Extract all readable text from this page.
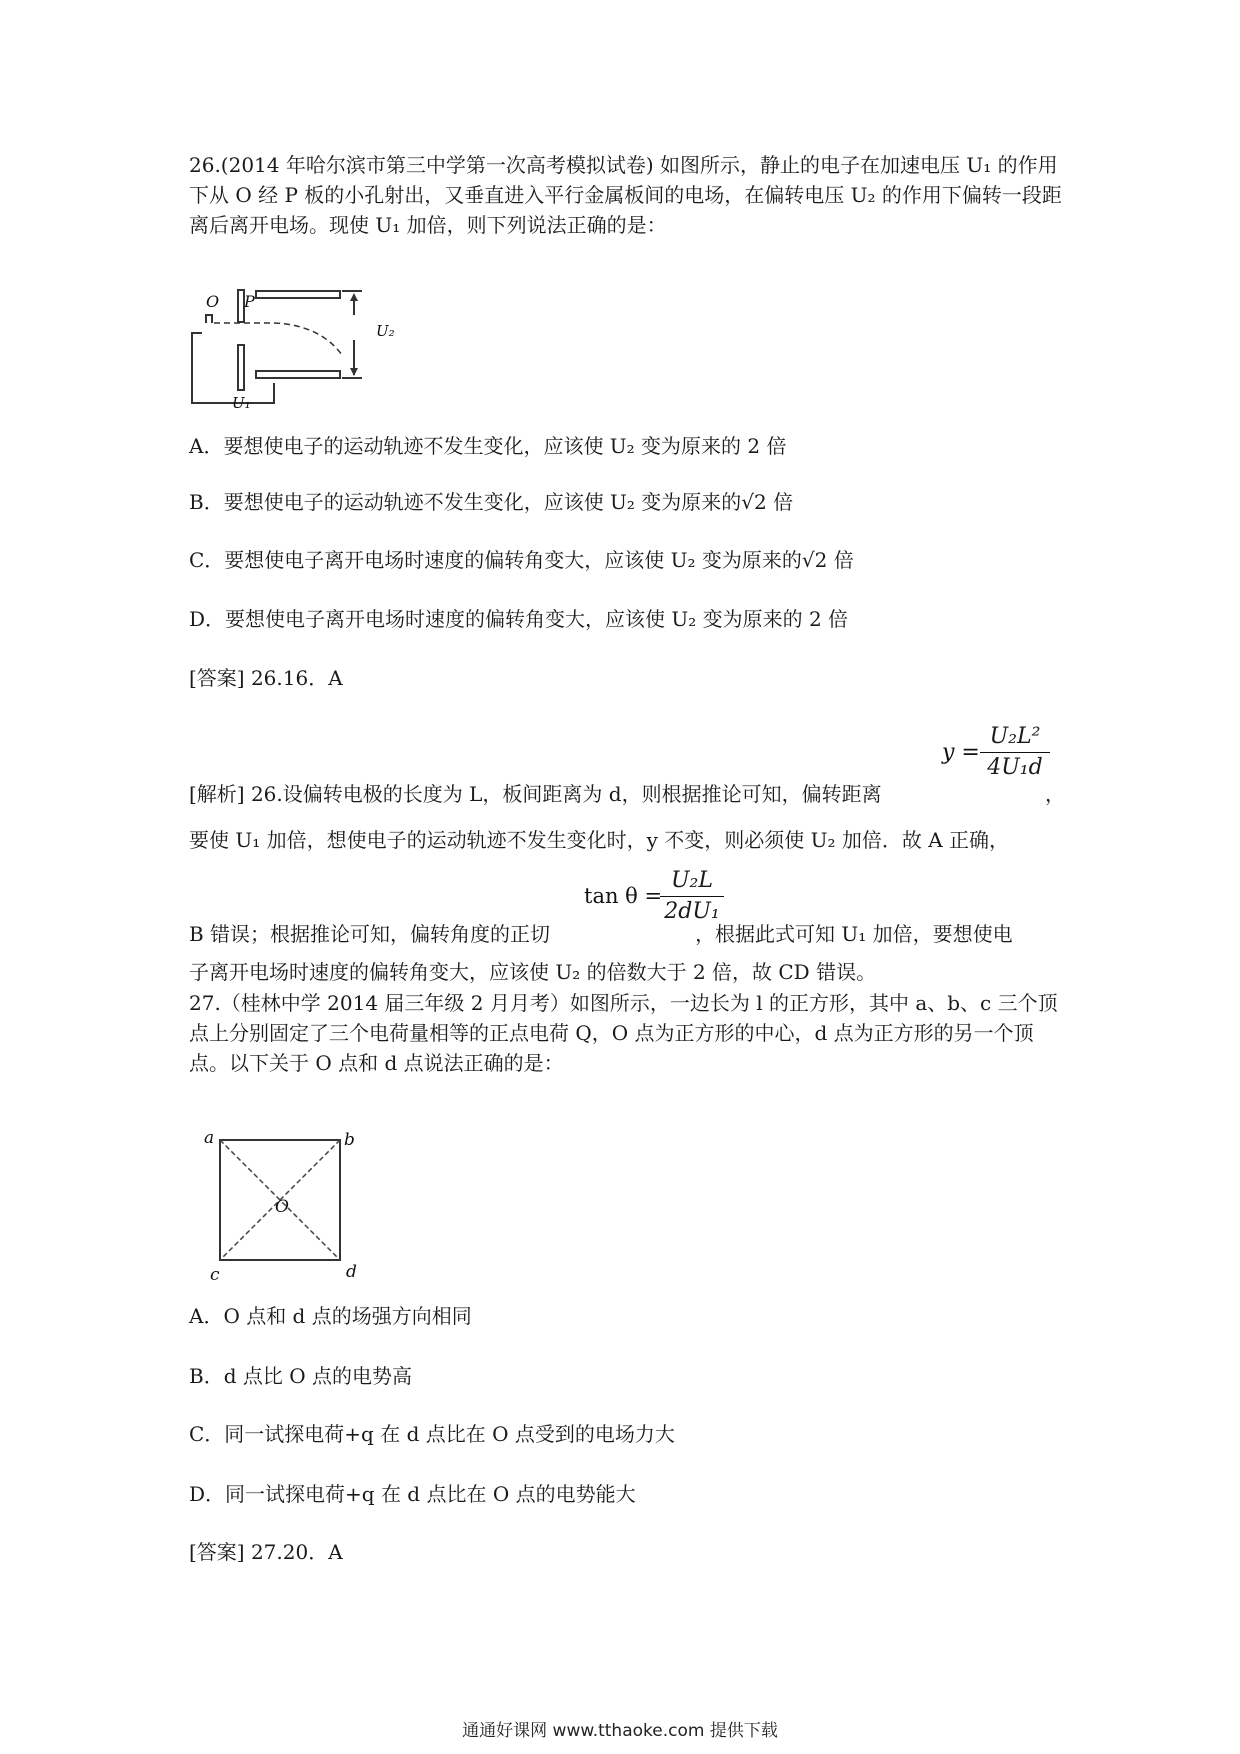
26.(2014 年哈尔滨市第三中学第一次高考模拟试卷) 如图所示，静止的电子在加速电压 U₁ 的作用下从 O 经 P 板的小孔射出，又垂直进入平行金属板间的电场，在偏转电压 U₂ 的作用下偏转一段距离后离开电场。现使 U₁ 加倍，则下列说法正确的是：

O P
U₂
U₁

A．要想使电子的运动轨迹不发生变化，应该使 U₂ 变为原来的 2 倍

B．要想使电子的运动轨迹不发生变化，应该使 U₂ 变为原来的√2 倍

C．要想使电子离开电场时速度的偏转角变大，应该使 U₂ 变为原来的√2 倍

D．要想使电子离开电场时速度的偏转角变大，应该使 U₂ 变为原来的 2 倍

[答案] 26.16．A

y =
U₂L²
4U₁d

[解析] 26.设偏转电极的长度为 L，板间距离为 d，则根据推论可知，偏转距离	，

要使 U₁ 加倍，想使电子的运动轨迹不发生变化时，y 不变，则必须使 U₂ 加倍．故 A 正确，

tan θ =
U₂L
2dU₁

B 错误；根据推论可知，偏转角度的正切	，根据此式可知 U₁ 加倍，要想使电

子离开电场时速度的偏转角变大，应该使 U₂ 的倍数大于 2 倍，故 CD 错误。

27.（桂林中学 2014 届三年级 2 月月考）如图所示，一边长为 l 的正方形，其中 a、b、c 三个顶点上分别固定了三个电荷量相等的正点电荷 Q，O 点为正方形的中心，d 点为正方形的另一个顶点。以下关于 O 点和 d 点说法正确的是：

a	b
O
c	d

A．O 点和 d 点的场强方向相同

B．d 点比 O 点的电势高

C．同一试探电荷+q 在 d 点比在 O 点受到的电场力大

D．同一试探电荷+q 在 d 点比在 O 点的电势能大

[答案] 27.20．A

通通好课网 www.tthaoke.com 提供下载
